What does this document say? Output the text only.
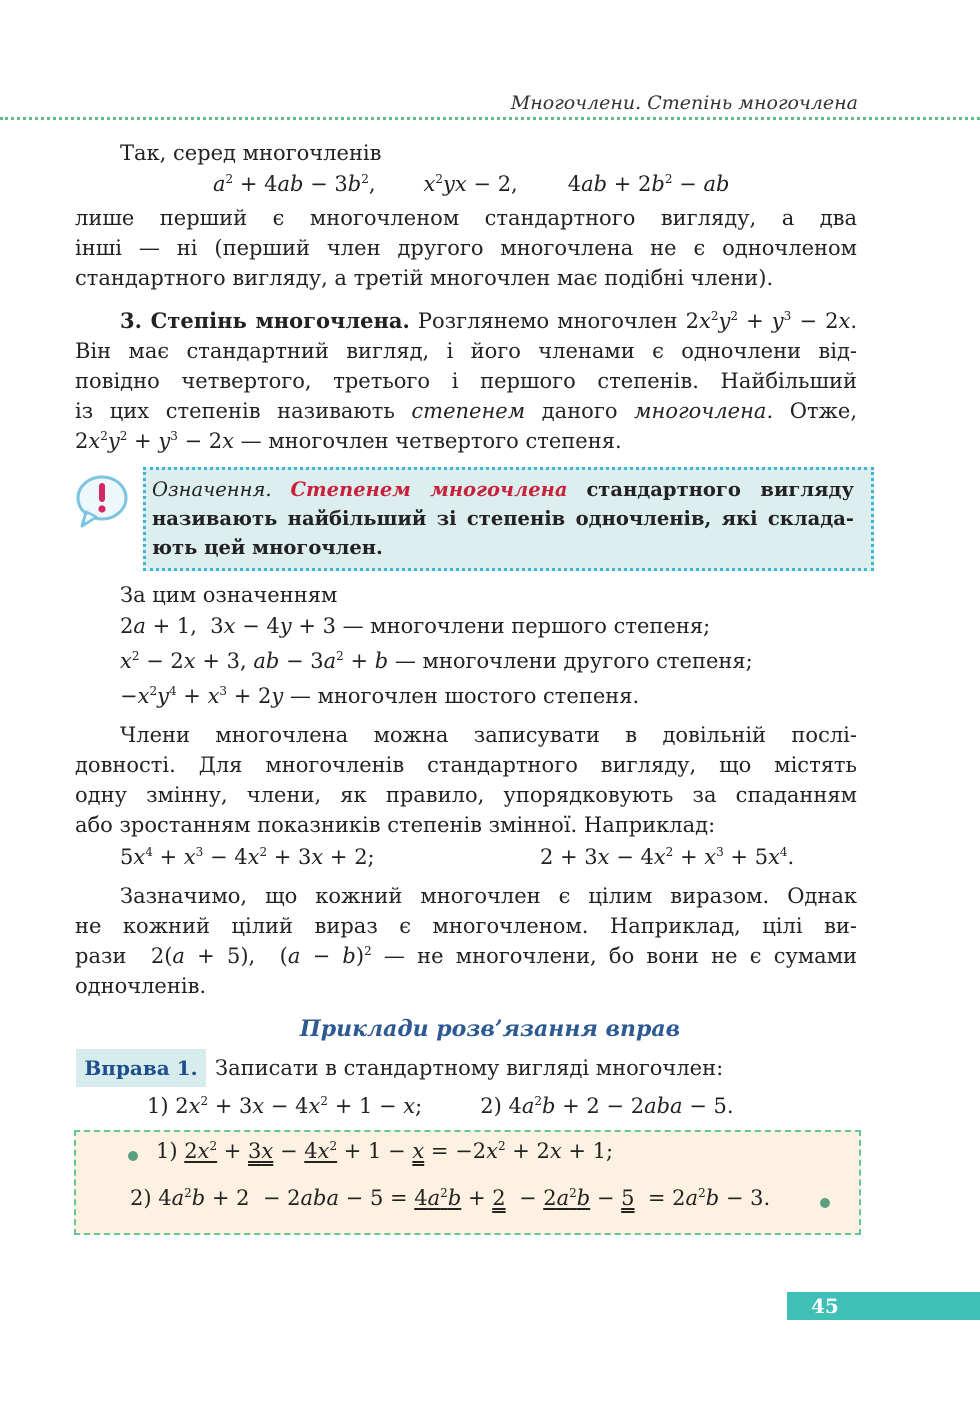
Многочлени. Степінь многочлена
Так, серед многочленів
$a^2 + 4ab - 3b^2$, $x^2yx - 2$, $4ab + 2b^2$ − ab
лише перший є многочленом стандартного вигляду, а два
інші — ні (перший член другого многочлена не є одночленом
стандартного вигляду, а третій многочлен має подібні члени).
3. Степінь многочлена. Розглянемо многочлен $2x^2y^2 + y^3 - 2x$.
Він має стандартний вигляд, і його членами є одночлени від-
повідно четвертого, третього і першого степенів. Найбільший
із цих степенів називають степенем даного многочлена. Отже,
$2x^2y^2 + y^3 - 2x$ — многочлен четвертого степеня.
Означення. Степенем многочлена стандартного вигляду
називають найбільший зі степенів одночленів, які склада-
ють цей многочлен.
За цим означенням
2a + 1,  3x − 4y + 3 — многочлени першого степеня;
$x^2 - 2x + 3$, ab − $3a^2 + b$ — многочлени другого степеня;
$-x^2y^4 + x^3 + 2y$ — многочлен шостого степеня.
Члени многочлена можна записувати в довільній послі-
довності. Для многочленів стандартного вигляду, що містять
одну змінну, члени, як правило, упорядковують за спаданням
або зростанням показників степенів змінної. Наприклад:
$5x^4 + x^3 - 4x^2 + 3x + 2$;	$2 + 3x - 4x^2 + x^3 + 5x^4$.
Зазначимо, що кожний многочлен є цілим виразом. Однак
не кожний цілий вираз є многочленом. Наприклад, цілі ви-
рази  2(a + 5),  $(a - b)^2$ — не многочлени, бо вони не є сумами
одночленів.
Приклади розв’язання вправ
Вправа 1. Записати в стандартному вигляді многочлен:
1) $2x^2 + 3x - 4x^2 + 1 - x$;	2) $4a^2b + 2 - 2aba - 5$.
1) $2x^2 + 3x - 4x^2 + 1 - x = -2x^2 + 2x + 1$;
2) $4a^2b + 2 - 2aba - 5 = 4a^2b + 2 - 2a^2b - 5 = 2a^2b - 3$.
45
